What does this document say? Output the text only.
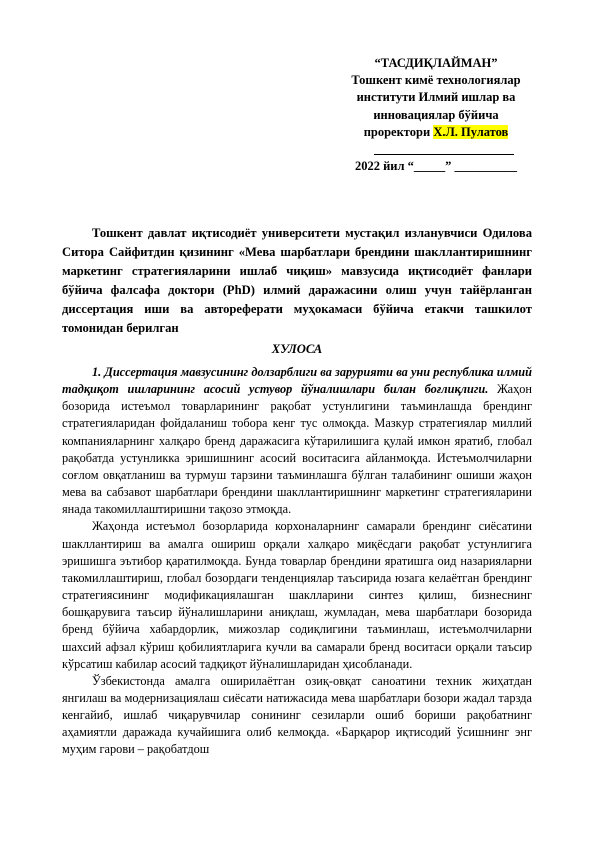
“ТАСДИҚЛАЙМАН”
Тошкент кимё технологиялар
институти Илмий ишлар ва
инновациялар бўйича
проректори Х.Л. Пулатов
2022 йил “_____” __________

Тошкент давлат иқтисодиёт университети мустақил изланувчиси Одилова Ситора Сайфитдин қизининг «Мева шарбатлари брендини шакллантиришнинг маркетинг стратегияларини ишлаб чиқиш» мавзусида иқтисодиёт фанлари бўйича фалсафа доктори (PhD) илмий даражасини олиш учун тайёрланган диссертация иши ва автореферати муҳокамаси бўйича етакчи ташкилот томонидан берилган

ХУЛОСА

1. Диссертация мавзусининг долзарблиги ва зарурияти ва уни республика илмий тадқиқот ишларининг асосий устувор йўналишлари билан боғлиқлиги. Жаҳон бозорида истеъмол товарларининг рақобат устунлигини таъминлашда брендинг стратегияларидан фойдаланиш тобора кенг тус олмоқда. Мазкур стратегиялар миллий компанияларнинг халқаро бренд даражасига кўтарилишига қулай имкон яратиб, глобал рақобатда устунликка эришишнинг асосий воситасига айланмоқда. Истеъмолчиларни соғлом овқатланиш ва турмуш тарзини таъминлашга бўлган талабининг ошиши жаҳон мева ва сабзавот шарбатлари брендини шакллантиришнинг маркетинг стратегияларини янада такомиллаштиришни тақозо этмоқда.

Жаҳонда истеъмол бозорларида корхоналарнинг самарали брендинг сиёсатини шакллантириш ва амалга ошириш орқали халқаро миқёсдаги рақобат устунлигига эришишга эътибор қаратилмоқда. Бунда товарлар брендини яратишга оид назарияларни такомиллаштириш, глобал бозордаги тенденциялар таъсирида юзага келаётган брендинг стратегиясининг модификациялашган шаклларини синтез қилиш, бизнеснинг бошқарувига таъсир йўналишларини аниқлаш, жумладан, мева шарбатлари бозорида бренд бўйича хабардорлик, мижозлар содиқлигини таъминлаш, истеъмолчиларни шахсий афзал кўриш қобилиятларига кучли ва самарали бренд воситаси орқали таъсир кўрсатиш кабилар асосий тадқиқот йўналишларидан ҳисобланади.

Ўзбекистонда амалга оширилаётган озиқ-овқат саноатини техник жиҳатдан янгилаш ва модернизациялаш сиёсати натижасида мева шарбатлари бозори жадал тарзда кенгайиб, ишлаб чиқарувчилар сонининг сезиларли ошиб бориши рақобатнинг аҳамиятли даражада кучайишига олиб келмоқда. «Барқарор иқтисодий ўсишнинг энг муҳим гарови – рақобатдош
